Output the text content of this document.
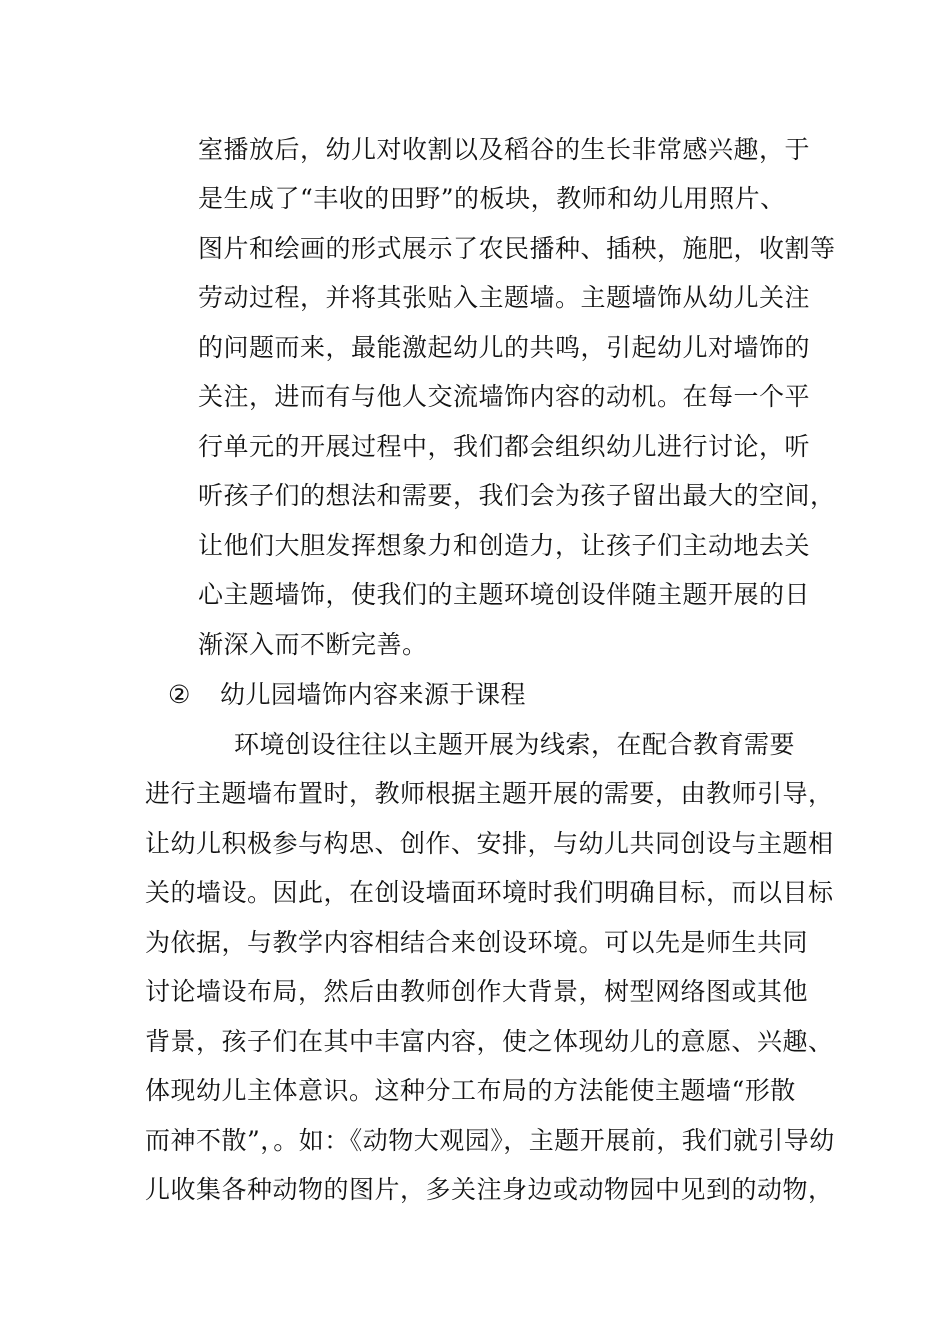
室播放后，幼儿对收割以及稻谷的生长非常感兴趣，于
是生成了“丰收的田野”的板块，教师和幼儿用照片、
图片和绘画的形式展示了农民播种、插秧，施肥，收割等
劳动过程，并将其张贴入主题墙。主题墙饰从幼儿关注
的问题而来，最能激起幼儿的共鸣，引起幼儿对墙饰的
关注，进而有与他人交流墙饰内容的动机。在每一个平
行单元的开展过程中，我们都会组织幼儿进行讨论，听
听孩子们的想法和需要，我们会为孩子留出最大的空间，
让他们大胆发挥想象力和创造力，让孩子们主动地去关
心主题墙饰，使我们的主题环境创设伴随主题开展的日
渐深入而不断完善。
② 幼儿园墙饰内容来源于课程
环境创设往往以主题开展为线索，在配合教育需要
进行主题墙布置时，教师根据主题开展的需要，由教师引导，
让幼儿积极参与构思、创作、安排，与幼儿共同创设与主题相
关的墙设。因此，在创设墙面环境时我们明确目标，而以目标
为依据，与教学内容相结合来创设环境。可以先是师生共同
讨论墙设布局，然后由教师创作大背景，树型网络图或其他
背景，孩子们在其中丰富内容，使之体现幼儿的意愿、兴趣、
体现幼儿主体意识。这种分工布局的方法能使主题墙“形散
而神不散”，。如：《动物大观园》，主题开展前，我们就引导幼
儿收集各种动物的图片，多关注身边或动物园中见到的动物，
